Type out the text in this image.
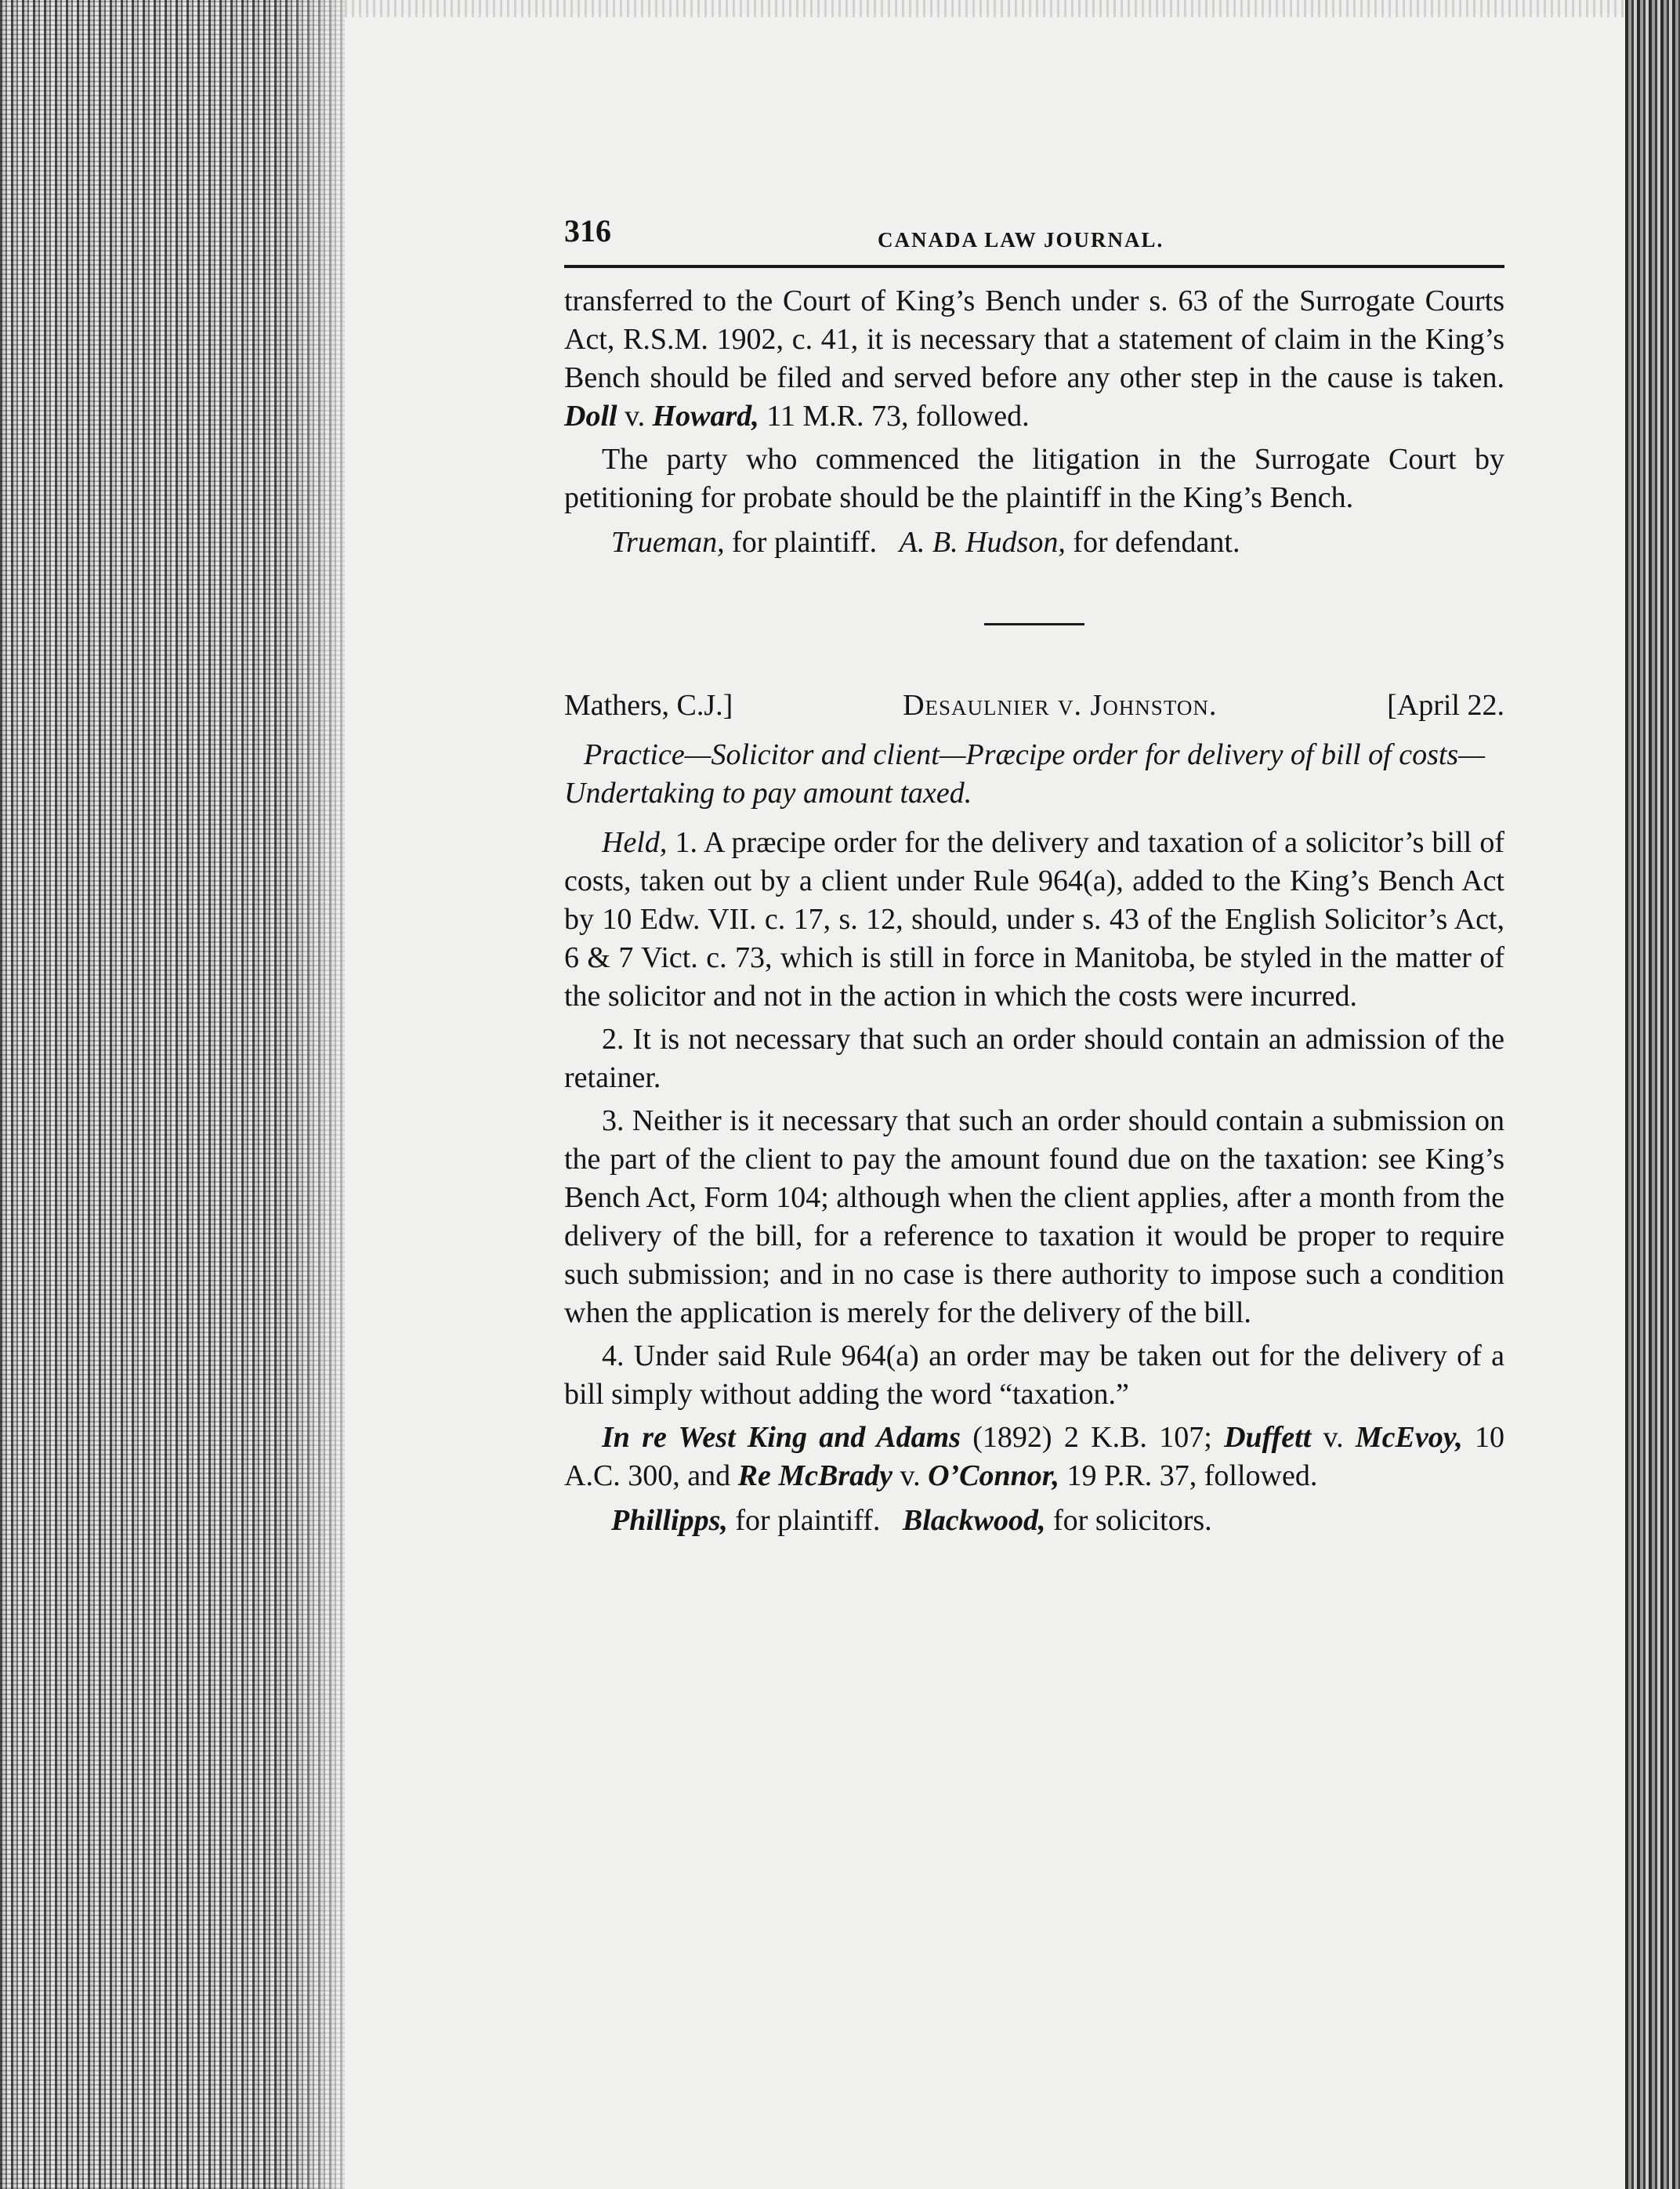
316	CANADA LAW JOURNAL.

transferred to the Court of King’s Bench under s. 63 of the Surrogate Courts Act, R.S.M. 1902, c. 41, it is necessary that a statement of claim in the King’s Bench should be filed and served before any other step in the cause is taken. Doll v. Howard, 11 M.R. 73, followed.

The party who commenced the litigation in the Surrogate Court by petitioning for probate should be the plaintiff in the King’s Bench.

Trueman, for plaintiff. A. B. Hudson, for defendant.

Mathers, C.J.]	Desaulnier v. Johnston.	[April 22.

Practice—Solicitor and client—Præcipe order for delivery of bill of costs—Undertaking to pay amount taxed.

Held, 1. A præcipe order for the delivery and taxation of a solicitor’s bill of costs, taken out by a client under Rule 964(a), added to the King’s Bench Act by 10 Edw. VII. c. 17, s. 12, should, under s. 43 of the English Solicitor’s Act, 6 & 7 Vict. c. 73, which is still in force in Manitoba, be styled in the matter of the solicitor and not in the action in which the costs were incurred.

2. It is not necessary that such an order should contain an admission of the retainer.

3. Neither is it necessary that such an order should contain a submission on the part of the client to pay the amount found due on the taxation: see King’s Bench Act, Form 104; although when the client applies, after a month from the delivery of the bill, for a reference to taxation it would be proper to require such submission; and in no case is there authority to impose such a condition when the application is merely for the delivery of the bill.

4. Under said Rule 964(a) an order may be taken out for the delivery of a bill simply without adding the word “taxation.”

In re West King and Adams (1892) 2 K.B. 107; Duffett v. McEvoy, 10 A.C. 300, and Re McBrady v. O’Connor, 19 P.R. 37, followed.

Phillipps, for plaintiff. Blackwood, for solicitors.
